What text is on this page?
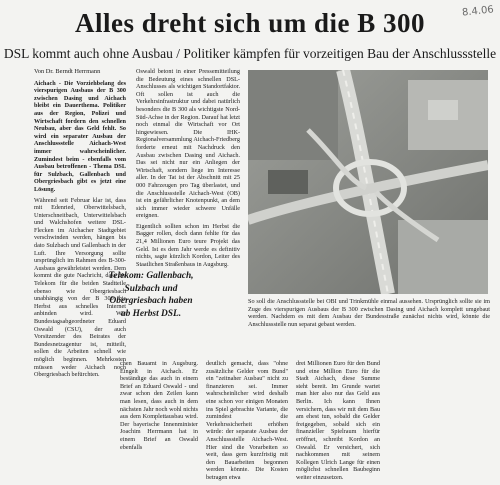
Alles dreht sich um die B 300	8.4.06
DSL kommt auch ohne Ausbau / Politiker kämpfen für vorzeitigen Bau der Anschlussstelle
Von Dr. Berndt Herrmann

Aichach - Die Vorziehbelang des vierspurigen Ausbaus der B 300 zwischen Dasing und Aichach bleibt ein Dauerthema. Politiker aus der Region, Polizei und Wirtschaft fordern den schnellen Neubau, aber das Geld fehlt. So wird ein separater Ausbau der Anschlussstelle Aichach-West immer wahrscheinlicher. Zumindest beim - ebenfalls vom Ausbau betroffenen - Thema DSL für Sulzbach, Gallenbach und Obergriesbach gibt es jetzt eine Lösung.

Während seit Februar klar ist, dass mit Edenried, Oberwittelsbach, Unterschneitbach, Unterwittelsbach und Walchshofen weitere DSL-Flecken im Aichacher Stadtgebiet verschwinden werden, hängen bis dato Sulzbach und Gallenbach in der Luft. Ihre Versorgung sollte ursprünglich im Rahmen des B-300-Ausbaus gewährleistet werden. Dem kommt die gute Nachricht, dass die Telekom für die beiden Stadtteile ebenso wie Obergriesbach unabhängig von der B 300 bis Herbst aus schnelles Internet anbinden wird. Wie Bundestagsabgeordneter Eduard Oswald (CSU), der auch Vorsitzender des Beirates der Bundesnetzagentur ist, mitteilt, sollen die Arbeiten schnell wie möglich beginnen. Mehrkosten müssen weder Aichach noch Obergriesbach befürchten.

Oswald betont in einer Pressemitteilung die Bedeutung eines schnellen DSL-Anschlusses als wichtigen Standortfaktor. Oft sollen ist auch die Verkehrsinfrastruktur und dabei natürlich besonders die B 300 als wichtigste Nord-Süd-Achse in der Region. Darauf hat letzt noch einmal die Wirtschaft vor Ort hingewiesen. Die IHK-Regionalversammlung Aichach-Friedberg forderte erneut mit Nachdruck den Ausbau zwischen Dasing und Aichach. Das sei nicht nur ein Anliegen der Wirtschaft, sondern liege im Interesse aller. In der Tat ist der Abschnitt mit 25 000 Fahrzeugen pro Tag überlastet, und die Anschlussstelle Aichach-West (OB) ist ein gefährlicher Knotenpunkt, an dem sich immer wieder schwere Unfälle ereignen.

Eigentlich sollten schon im Herbst die Bagger rollen, doch dann fehlte für das 21,4 Millionen Euro teure Projekt das Geld. Ist es dem Jahr werde es definitiv nichts, sagte kürzlich Kordon, Leiter des Staatlichen Straßenbaus in Augsburg.

Telekom: Gallenbach,
Sulzbach und
Obergriesbach haben
ab Herbst DSL.
So soll die Anschlussstelle bei OBI und Trinkmühle einmal aussehen. Ursprünglich sollte sie im Zuge des vierspurigen Ausbaus der B 300 zwischen Dasing und Aichach komplett umgebaut werden. Nachdem es mit dem Ausbau der Bundesstraße zunächst nichts wird, könnte die Anschlussstelle nun separat gebaut werden.

chen Bauamt in Augsburg. Eingelt in Aichach. Er beständige das auch in einem Brief an Eduard Oswald - und zwar schon den Zeilen kann man lesen, dass auch in dem nächsten Jahr noch wohl nichts aus dem Komplettausbau wird. Der bayerische Innenminister Joachim Herrmann hat in einem Brief an Oswald ebenfalls

deutlich gemacht, dass "ohne zusätzliche Gelder vom Bund" ein "zeitnaher Ausbau" nicht zu finanzieren sei. Immer wahrscheinlicher wird deshalb eine schon vor einigen Monaten ins Spiel gebrachte Variante, die zumindest die Verkehrssicherheit erhöhen würde: der separate Ausbau der Anschlussstelle Aichach-West. Hier sind die Vorarbeiten so weit, dass gern kurzfristig mit den Bauarbeiten begonnen werden könnte. Die Kosten betragen etwa

drei Millionen Euro für den Bund und eine Million Euro für die Stadt Aichach, diese Summe steht bereit. Im Grunde wartet man hier also nur das Geld aus Berlin. Ich kann Ihnen versichern, dass wir mit dem Bau am ehest tun, sobald die Gelder freigegeben, sobald sich ein finanzieller Spielraum hierfür eröffnet, schreibt Kordon an Oswald. Er versichert, sich nachkommen mit seinem Kollegen Ulrich Lange für einen möglichst schnellen Baubeginn weiter einzusetzen.
